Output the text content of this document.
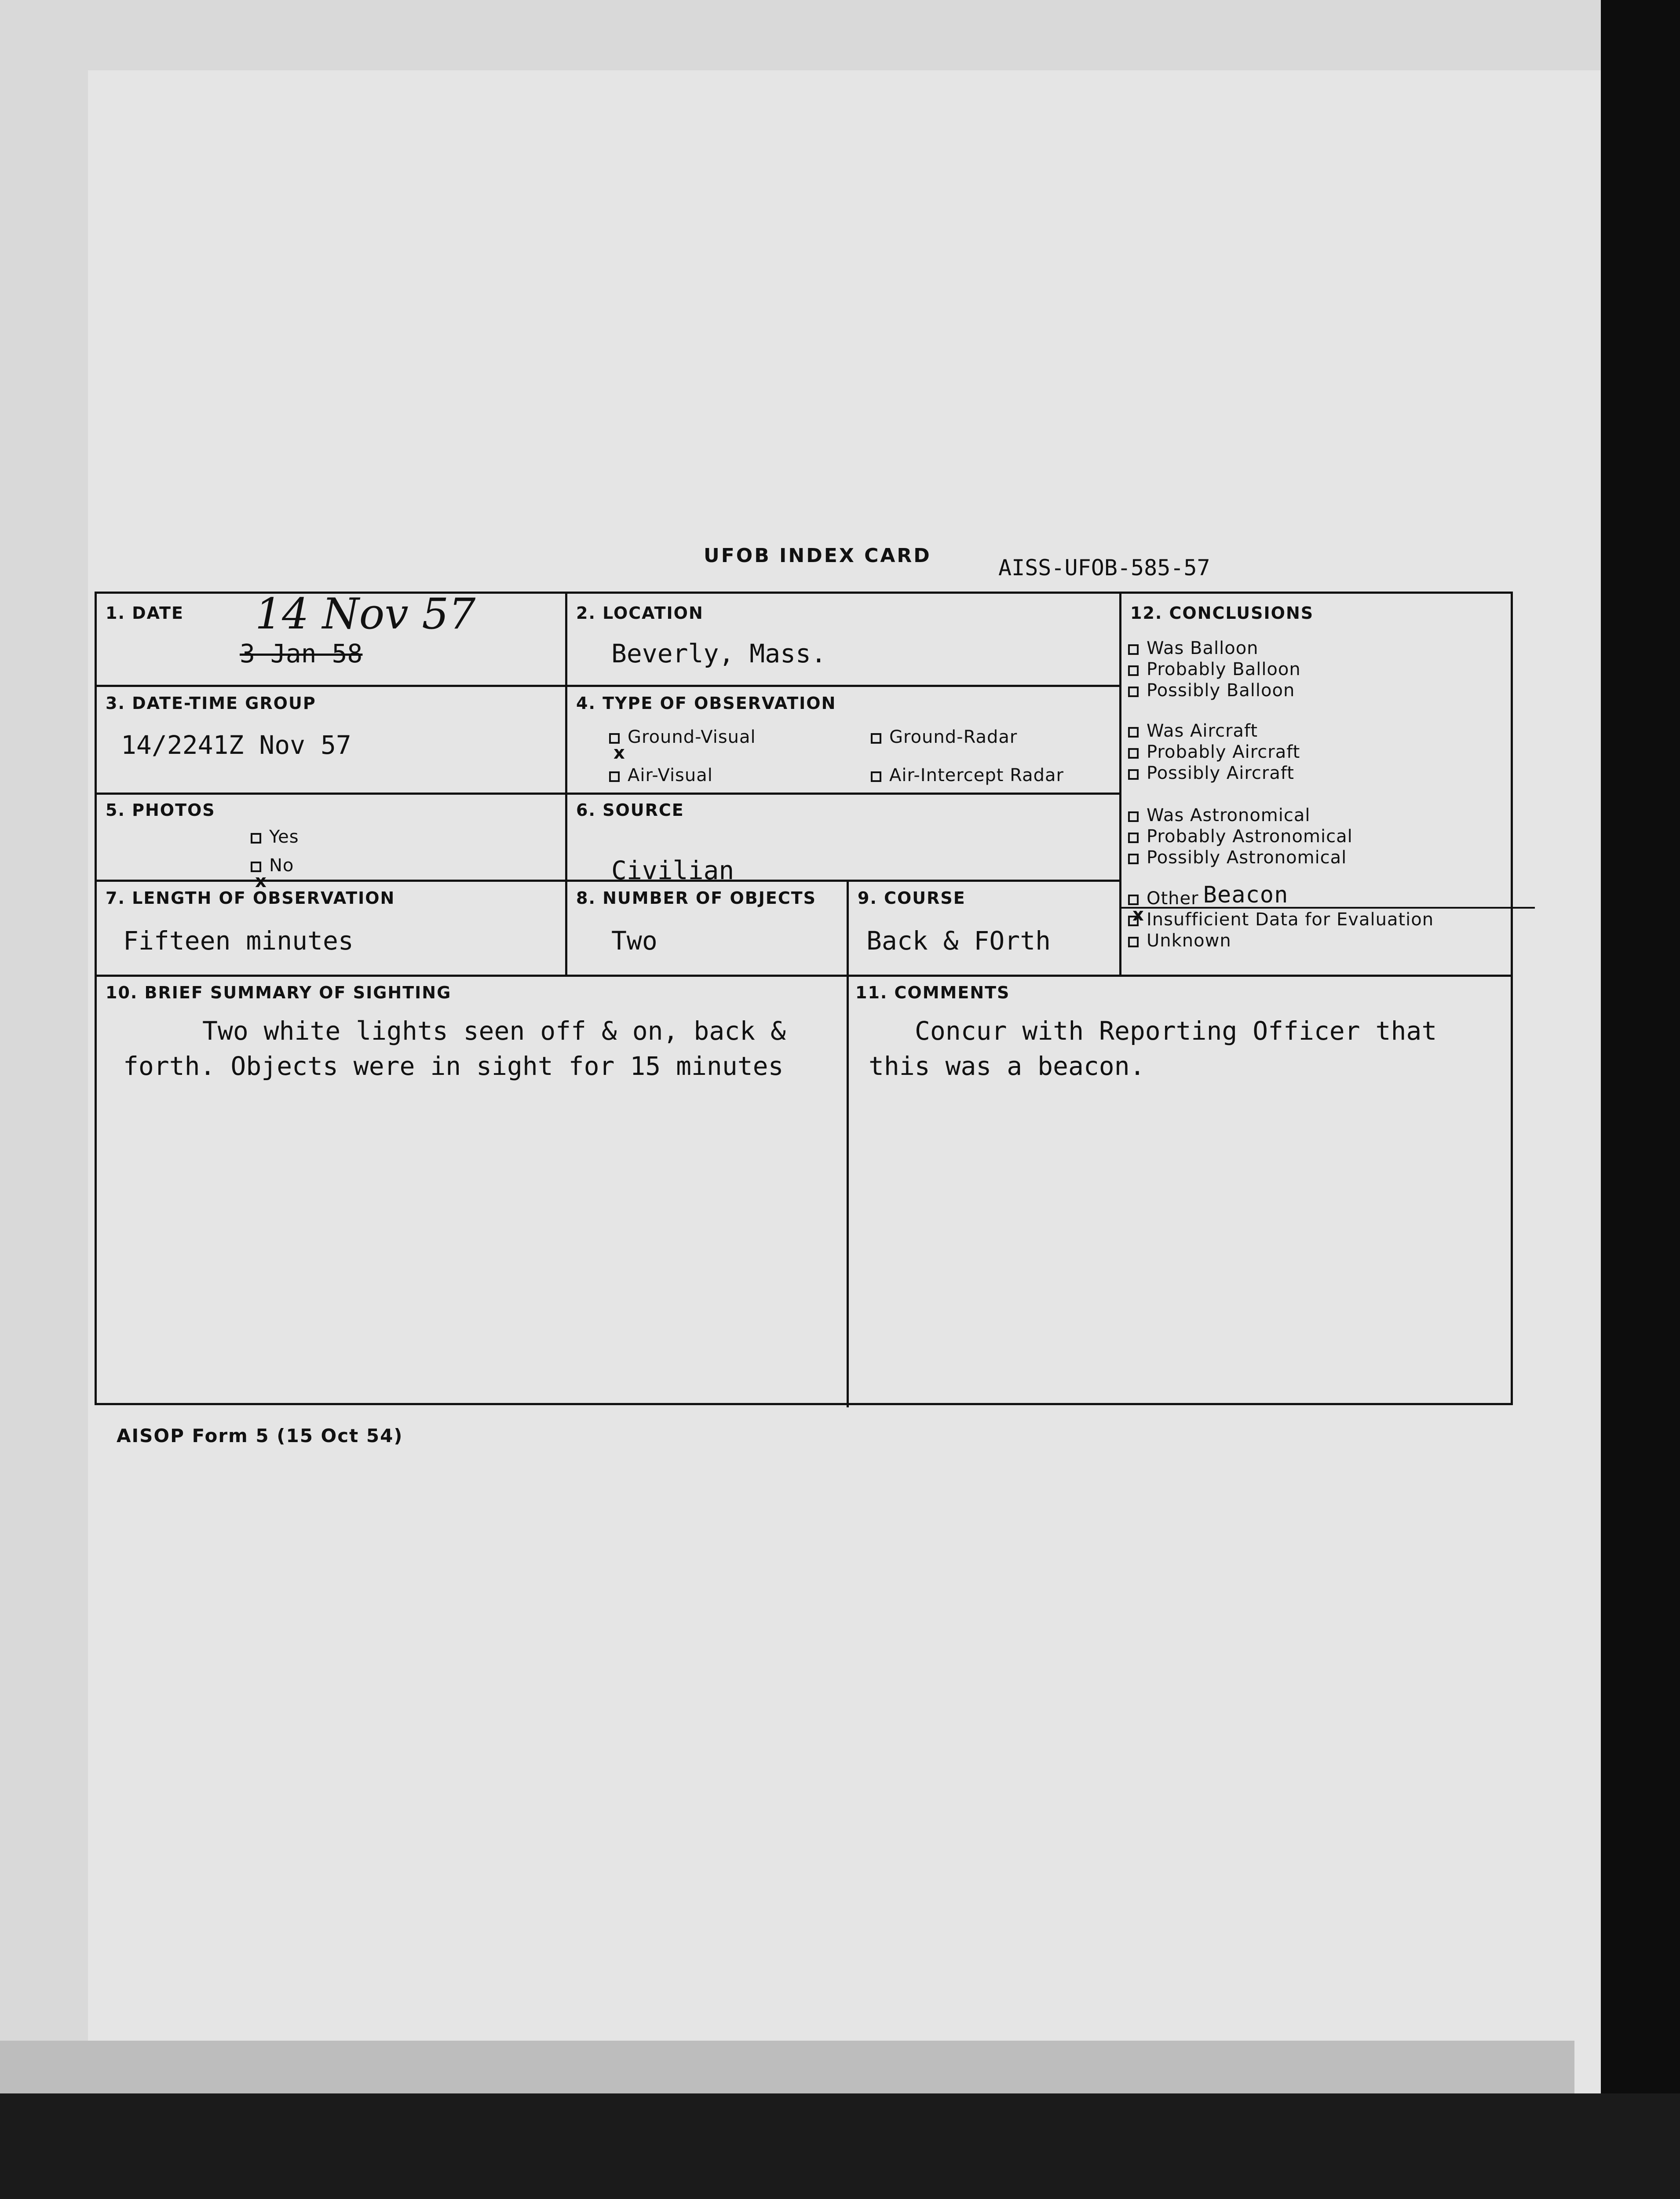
UFOB INDEX CARD	AISS-UFOB-585-57
1. DATE 14 Nov 57
3 Jan 58
2. LOCATION
Beverly, Mass.
3. DATE-TIME GROUP
14/2241Z Nov 57
4. TYPE OF OBSERVATION
x
Ground-Visual	Ground-Radar
Air-Visual	Air-Intercept Radar
5. PHOTOS
Yes
x
No
6. SOURCE
Civilian
7. LENGTH OF OBSERVATION
Fifteen minutes
8. NUMBER OF OBJECTS
Two
9. COURSE
Back & FOrth
12. CONCLUSIONS
Was Balloon
Probably Balloon
Possibly Balloon
Was Aircraft
Probably Aircraft
Possibly Aircraft
Was Astronomical
Probably Astronomical
Possibly Astronomical
x
Other Beacon
Insufficient Data for Evaluation
Unknown
10. BRIEF SUMMARY OF SIGHTING
Two white lights seen off & on, back &
forth. Objects were in sight for 15 minutes
11. COMMENTS
Concur with Reporting Officer that
this was a beacon.
AISOP Form 5 (15 Oct 54)
